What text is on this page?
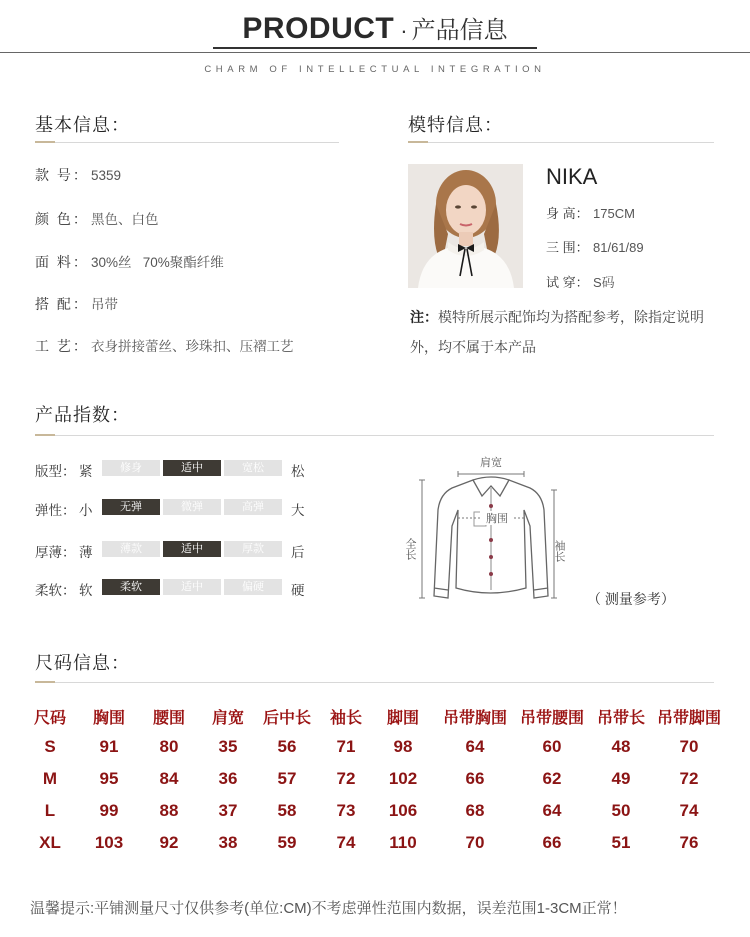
PRODUCT · 产品信息
CHARM OF INTELLECTUAL INTEGRATION
基本信息：
款 号： 5359
颜 色： 黑色、白色
面 料： 30%丝   70%聚酯纤维
搭 配： 吊带
工 艺： 衣身拼接蕾丝、珍珠扣、压褶工艺
模特信息：
NIKA
身 高： 175CM
三 围： 81/61/89
试 穿： S码
注：模特所展示配饰均为搭配参考，除指定说明外，均不属于本产品
产品指数：
版型： 紧	修身	适中	宽松	松
弹性： 小	无弹	微弹	高弹	大
厚薄： 薄	薄款	适中	厚款	后
柔软： 软	柔软	适中	偏硬	硬
肩宽
胸围
全长	袖长
（ 测量参考）
尺码信息：
尺码	胸围	腰围	肩宽	后中长	袖长	脚围	吊带胸围 吊带腰围 吊带长 吊带脚围
S	91	80	35	56	71	98	64	60	48	70
M	95	84	36	57	72	102	66	62	49	72
L	99	88	37	58	73	106	68	64	50	74
XL	103	92	38	59	74	110	70	66	51	76
温馨提示:平铺测量尺寸仅供参考(单位:CM)不考虑弹性范围内数据，误差范围1-3CM正常！
